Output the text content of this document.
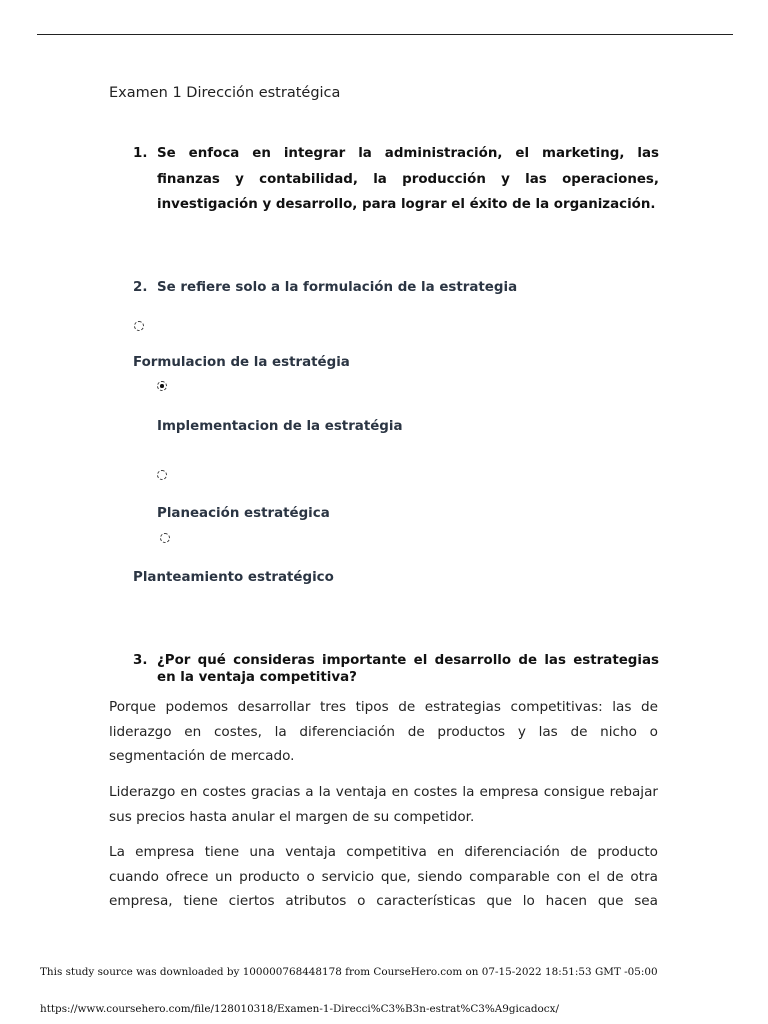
Examen 1 Dirección estratégica
1. Se enfoca en integrar la administración, el marketing, las finanzas y contabilidad, la producción y las operaciones, investigación y desarrollo, para lograr el éxito de la organización.
2. Se refiere solo a la formulación de la estrategia
Formulacion de la estratégia
Implementacion de la estratégia
Planeación estratégica
Planteamiento estratégico
3. ¿Por qué consideras importante el desarrollo de las estrategias en la ventaja competitiva?

Porque podemos desarrollar tres tipos de estrategias competitivas: las de liderazgo en costes, la diferenciación de productos y las de nicho o segmentación de mercado.

Liderazgo en costes gracias a la ventaja en costes la empresa consigue rebajar sus precios hasta anular el margen de su competidor.

La empresa tiene una ventaja competitiva en diferenciación de producto cuando ofrece un producto o servicio que, siendo comparable con el de otra empresa, tiene ciertos atributos o características que lo hacen que sea

This study source was downloaded by 100000768448178 from CourseHero.com on 07-15-2022 18:51:53 GMT -05:00
https://www.coursehero.com/file/128010318/Examen-1-Direcci%C3%B3n-estrat%C3%A9gicadocx/
